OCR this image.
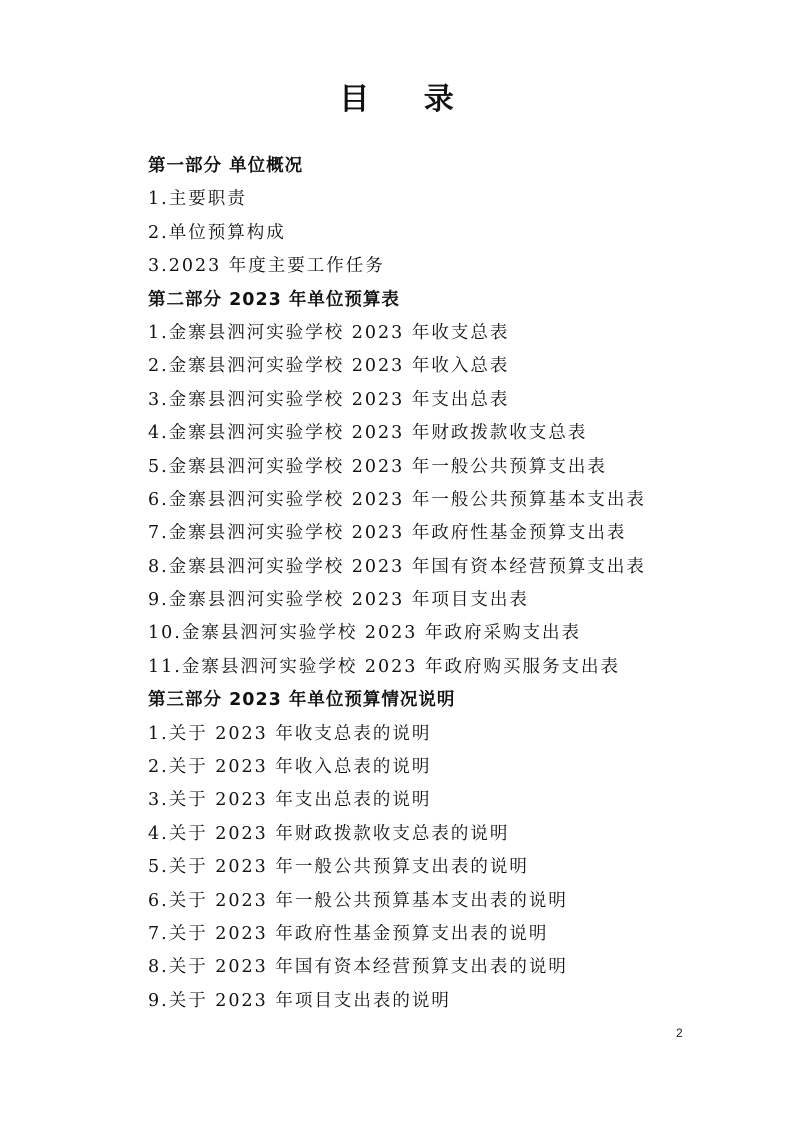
目 录
第一部分 单位概况
1.主要职责
2.单位预算构成
3.2023 年度主要工作任务
第二部分 2023 年单位预算表
1.金寨县泗河实验学校 2023 年收支总表
2.金寨县泗河实验学校 2023 年收入总表
3.金寨县泗河实验学校 2023 年支出总表
4.金寨县泗河实验学校 2023 年财政拨款收支总表
5.金寨县泗河实验学校 2023 年一般公共预算支出表
6.金寨县泗河实验学校 2023 年一般公共预算基本支出表
7.金寨县泗河实验学校 2023 年政府性基金预算支出表
8.金寨县泗河实验学校 2023 年国有资本经营预算支出表
9.金寨县泗河实验学校 2023 年项目支出表
10.金寨县泗河实验学校 2023 年政府采购支出表
11.金寨县泗河实验学校 2023 年政府购买服务支出表
第三部分 2023 年单位预算情况说明
1.关于 2023 年收支总表的说明
2.关于 2023 年收入总表的说明
3.关于 2023 年支出总表的说明
4.关于 2023 年财政拨款收支总表的说明
5.关于 2023 年一般公共预算支出表的说明
6.关于 2023 年一般公共预算基本支出表的说明
7.关于 2023 年政府性基金预算支出表的说明
8.关于 2023 年国有资本经营预算支出表的说明
9.关于 2023 年项目支出表的说明
2
